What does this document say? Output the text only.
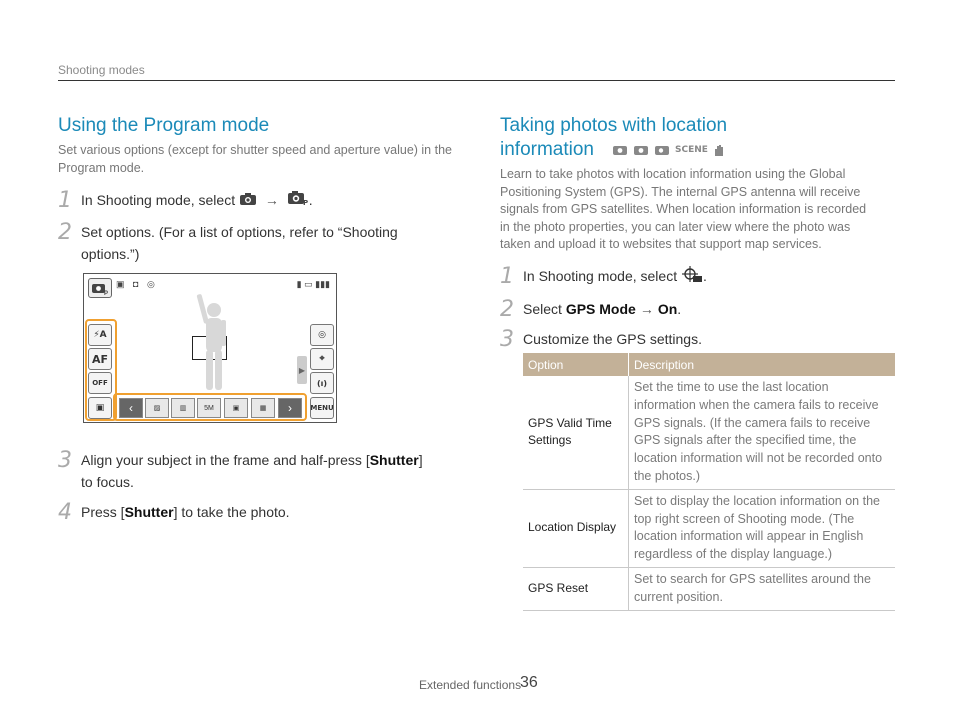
Shooting modes
Using the Program mode
Set various options (except for shutter speed and aperture value) in the Program mode.
1 In Shooting mode, select →	P .
2 Set options. (For a list of options, refer to “Shooting
options.”)
P
▣ ◘ ◎	▮ ▭ ▮▮▮
⚡A
AF
OFF
▣	‹	▨	▥	5M	▣	▦	›
▶
◎
⌖
(ı)
MENU
3 Align your subject in the frame and half-press [Shutter]
to focus.
4 Press [Shutter] to take the photo.
Taking photos with location
information	SCENE
Learn to take photos with location information using the Global
Positioning System (GPS). The internal GPS antenna will receive
signals from GPS satellites. When location information is recorded
in the photo properties, you can later view where the photo was
taken and upload it to websites that support map services.
1 In Shooting mode, select .
2 Select GPS Mode → On.
3 Customize the GPS settings.
Option	Description
GPS Valid Time Settings	Set the time to use the last location information when the camera fails to receive GPS signals. (If the camera fails to receive GPS signals after the specified time, the location information will not be recorded onto the photos.)
Location Display	Set to display the location information on the top right screen of Shooting mode. (The location information will appear in English regardless of the display language.)
GPS Reset	Set to search for GPS satellites around the current position.
Extended functions
36
